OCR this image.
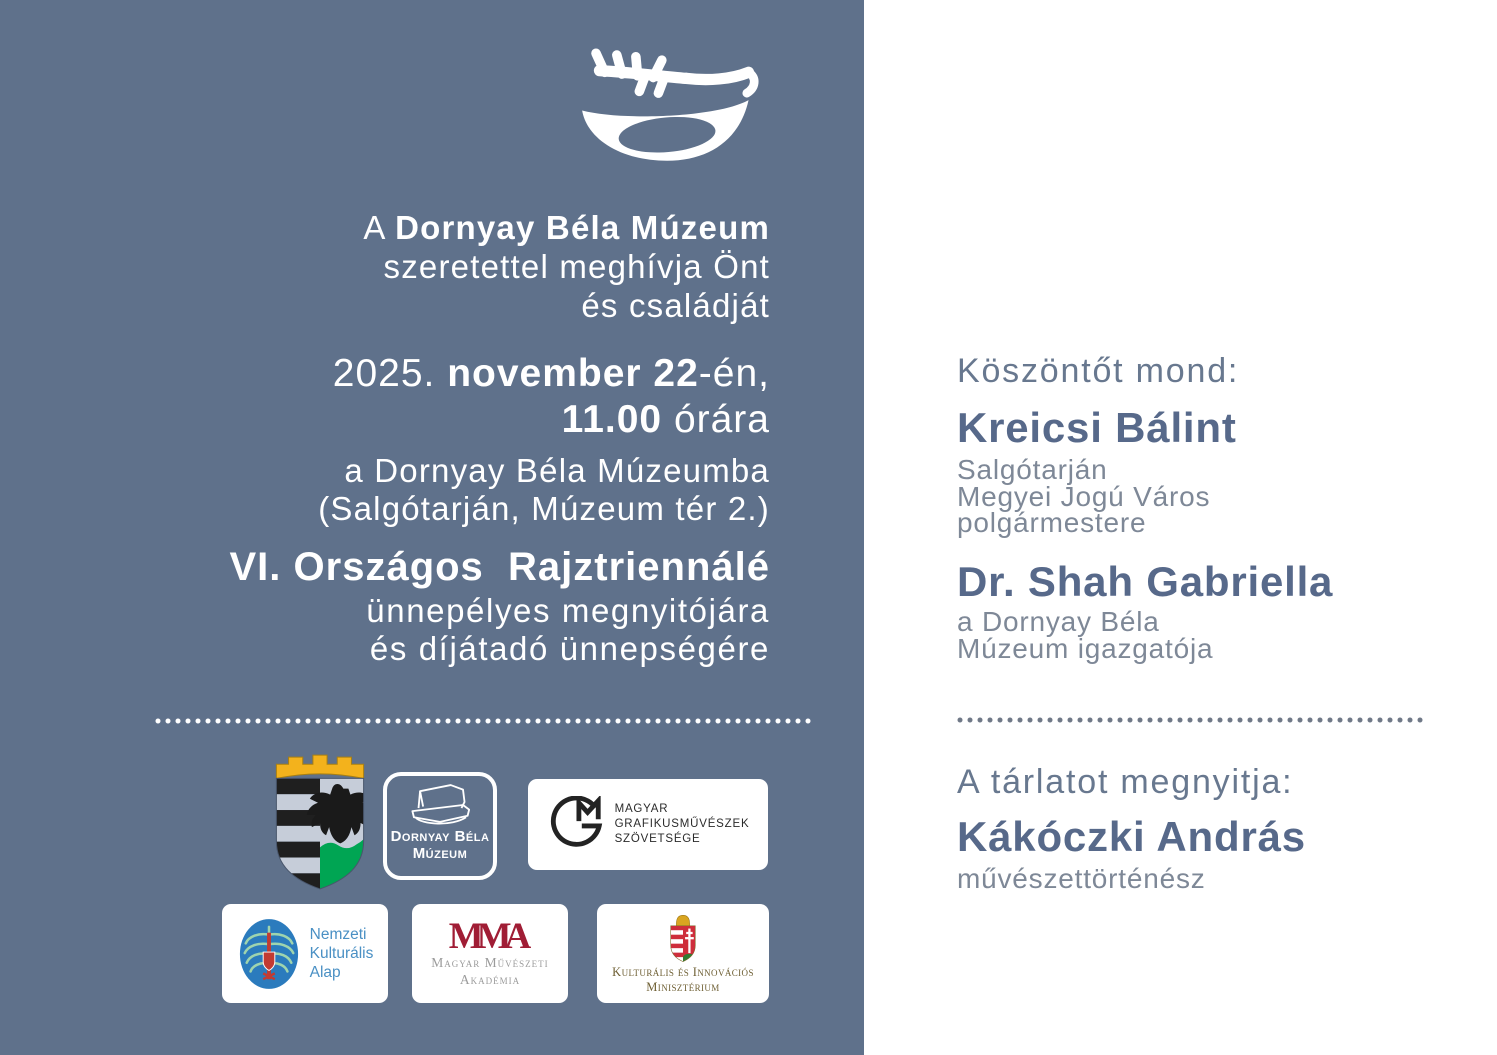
A Dornyay Béla Múzeum
szeretettel meghívja Önt
és családját
2025. november 22-én,
11.00 órára
a Dornyay Béla Múzeumba
(Salgótarján, Múzeum tér 2.)
VI. Országos  Rajztriennálé
ünnepélyes megnyitójára
és díjátadó ünnepségére
Dornyay Béla
Múzeum
MAGYAR
GRAFIKUSMŰVÉSZEK
SZÖVETSÉGE
Nemzeti
Kulturális
Alap
MMA
Magyar Művészeti
Akadémia	Kulturális és Innovációs
Minisztérium
Köszöntőt mond:
Kreicsi Bálint
Salgótarján
Megyei Jogú Város
polgármestere
Dr. Shah Gabriella
a Dornyay Béla
Múzeum igazgatója
A tárlatot megnyitja:
Kákóczki András
művészettörténész
